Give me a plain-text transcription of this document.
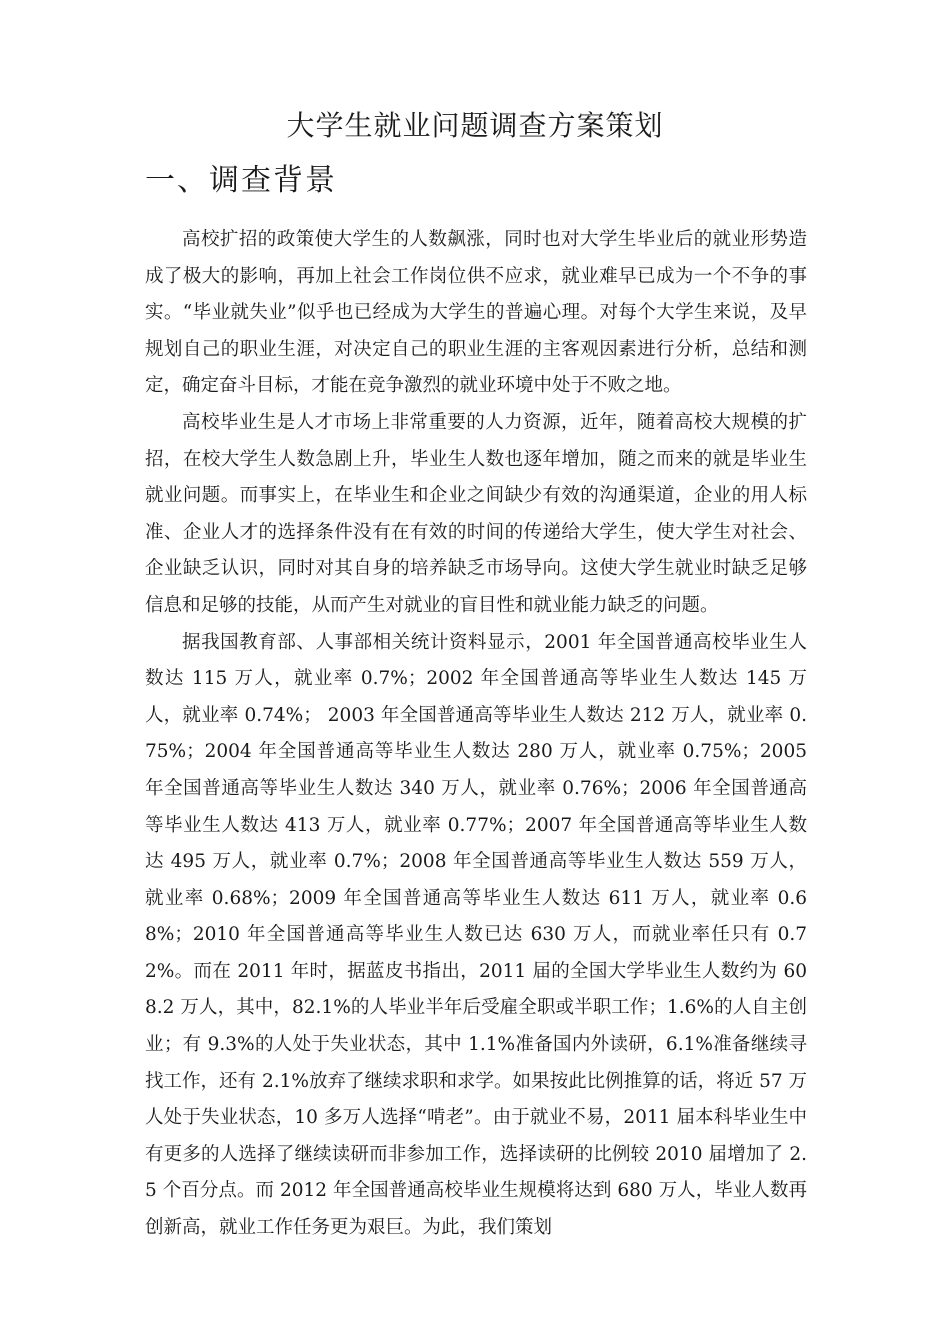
大学生就业问题调查方案策划
一、调查背景

高校扩招的政策使大学生的人数飙涨，同时也对大学生毕业后的就业形势造成了极大的影响，再加上社会工作岗位供不应求，就业难早已成为一个不争的事实。“毕业就失业”似乎也已经成为大学生的普遍心理。对每个大学生来说，及早规划自己的职业生涯，对决定自己的职业生涯的主客观因素进行分析，总结和测定，确定奋斗目标，才能在竞争激烈的就业环境中处于不败之地。

高校毕业生是人才市场上非常重要的人力资源，近年，随着高校大规模的扩招，在校大学生人数急剧上升，毕业生人数也逐年增加，随之而来的就是毕业生就业问题。而事实上，在毕业生和企业之间缺少有效的沟通渠道，企业的用人标准、企业人才的选择条件没有在有效的时间的传递给大学生，使大学生对社会、企业缺乏认识，同时对其自身的培养缺乏市场导向。这使大学生就业时缺乏足够信息和足够的技能，从而产生对就业的盲目性和就业能力缺乏的问题。

据我国教育部、人事部相关统计资料显示，2001 年全国普通高校毕业生人数达 115 万人，就业率 0.7%；2002 年全国普通高等毕业生人数达 145 万人，就业率 0.74%； 2003 年全国普通高等毕业生人数达 212 万人，就业率 0.75%；2004 年全国普通高等毕业生人数达 280 万人，就业率 0.75%；2005 年全国普通高等毕业生人数达 340 万人，就业率 0.76%；2006 年全国普通高等毕业生人数达 413 万人，就业率 0.77%；2007 年全国普通高等毕业生人数达 495 万人，就业率 0.7%；2008 年全国普通高等毕业生人数达 559 万人，就业率 0.68%；2009 年全国普通高等毕业生人数达 611 万人，就业率 0.68%；2010 年全国普通高等毕业生人数已达 630 万人，而就业率任只有 0.72%。而在 2011 年时，据蓝皮书指出，2011 届的全国大学毕业生人数约为 608.2 万人，其中，82.1%的人毕业半年后受雇全职或半职工作；1.6%的人自主创业；有 9.3%的人处于失业状态，其中 1.1%准备国内外读研，6.1%准备继续寻找工作，还有 2.1%放弃了继续求职和求学。如果按此比例推算的话，将近 57 万人处于失业状态，10 多万人选择“啃老”。由于就业不易，2011 届本科毕业生中有更多的人选择了继续读研而非参加工作，选择读研的比例较 2010 届增加了 2.5 个百分点。而 2012 年全国普通高校毕业生规模将达到 680 万人，毕业人数再创新高，就业工作任务更为艰巨。为此，我们策划
